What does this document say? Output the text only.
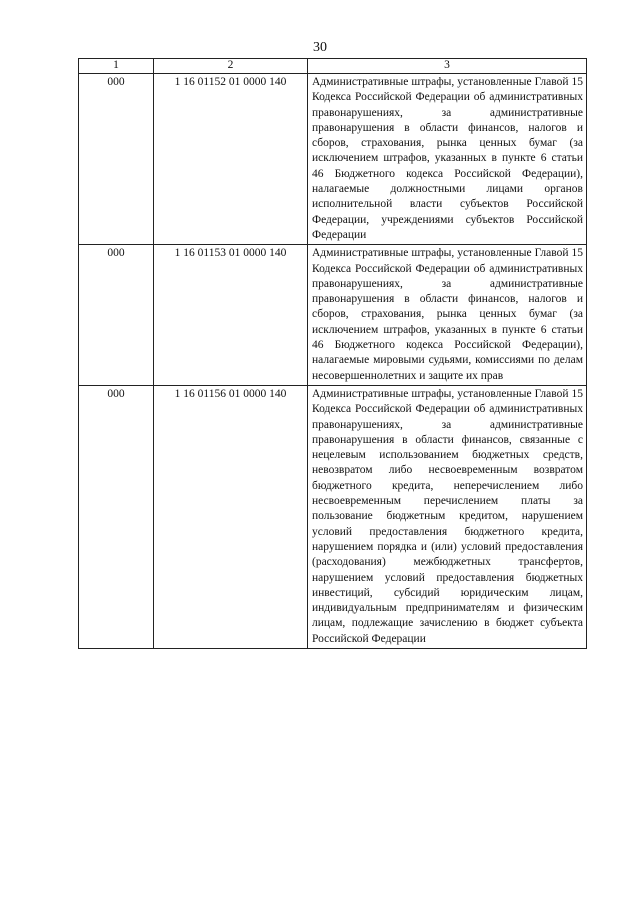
30
1	2	3
000	1 16 01152 01 0000 140	Административные штрафы, установленные Главой 15 Кодекса Российской Федерации об административных правонарушениях, за административные правонарушения в области финансов, налогов и сборов, страхования, рынка ценных бумаг (за исключением штрафов, указанных в пункте 6 статьи 46 Бюджетного кодекса Российской Федерации), налагаемые должностными лицами органов исполнительной власти субъектов Российской Федерации, учреждениями субъектов Российской Федерации
000	1 16 01153 01 0000 140	Административные штрафы, установленные Главой 15 Кодекса Российской Федерации об административных правонарушениях, за административные правонарушения в области финансов, налогов и сборов, страхования, рынка ценных бумаг (за исключением штрафов, указанных в пункте 6 статьи 46 Бюджетного кодекса Российской Федерации), налагаемые мировыми судьями, комиссиями по делам несовершеннолетних и защите их прав
000	1 16 01156 01 0000 140	Административные штрафы, установленные Главой 15 Кодекса Российской Федерации об административных правонарушениях, за административные правонарушения в области финансов, связанные с нецелевым использованием бюджетных средств, невозвратом либо несвоевременным возвратом бюджетного кредита, неперечислением либо несвоевременным перечислением платы за пользование бюджетным кредитом, нарушением условий предоставления бюджетного кредита, нарушением порядка и (или) условий предоставления (расходования) межбюджетных трансфертов, нарушением условий предоставления бюджетных инвестиций, субсидий юридическим лицам, индивидуальным предпринимателям и физическим лицам, подлежащие зачислению в бюджет субъекта Российской Федерации
